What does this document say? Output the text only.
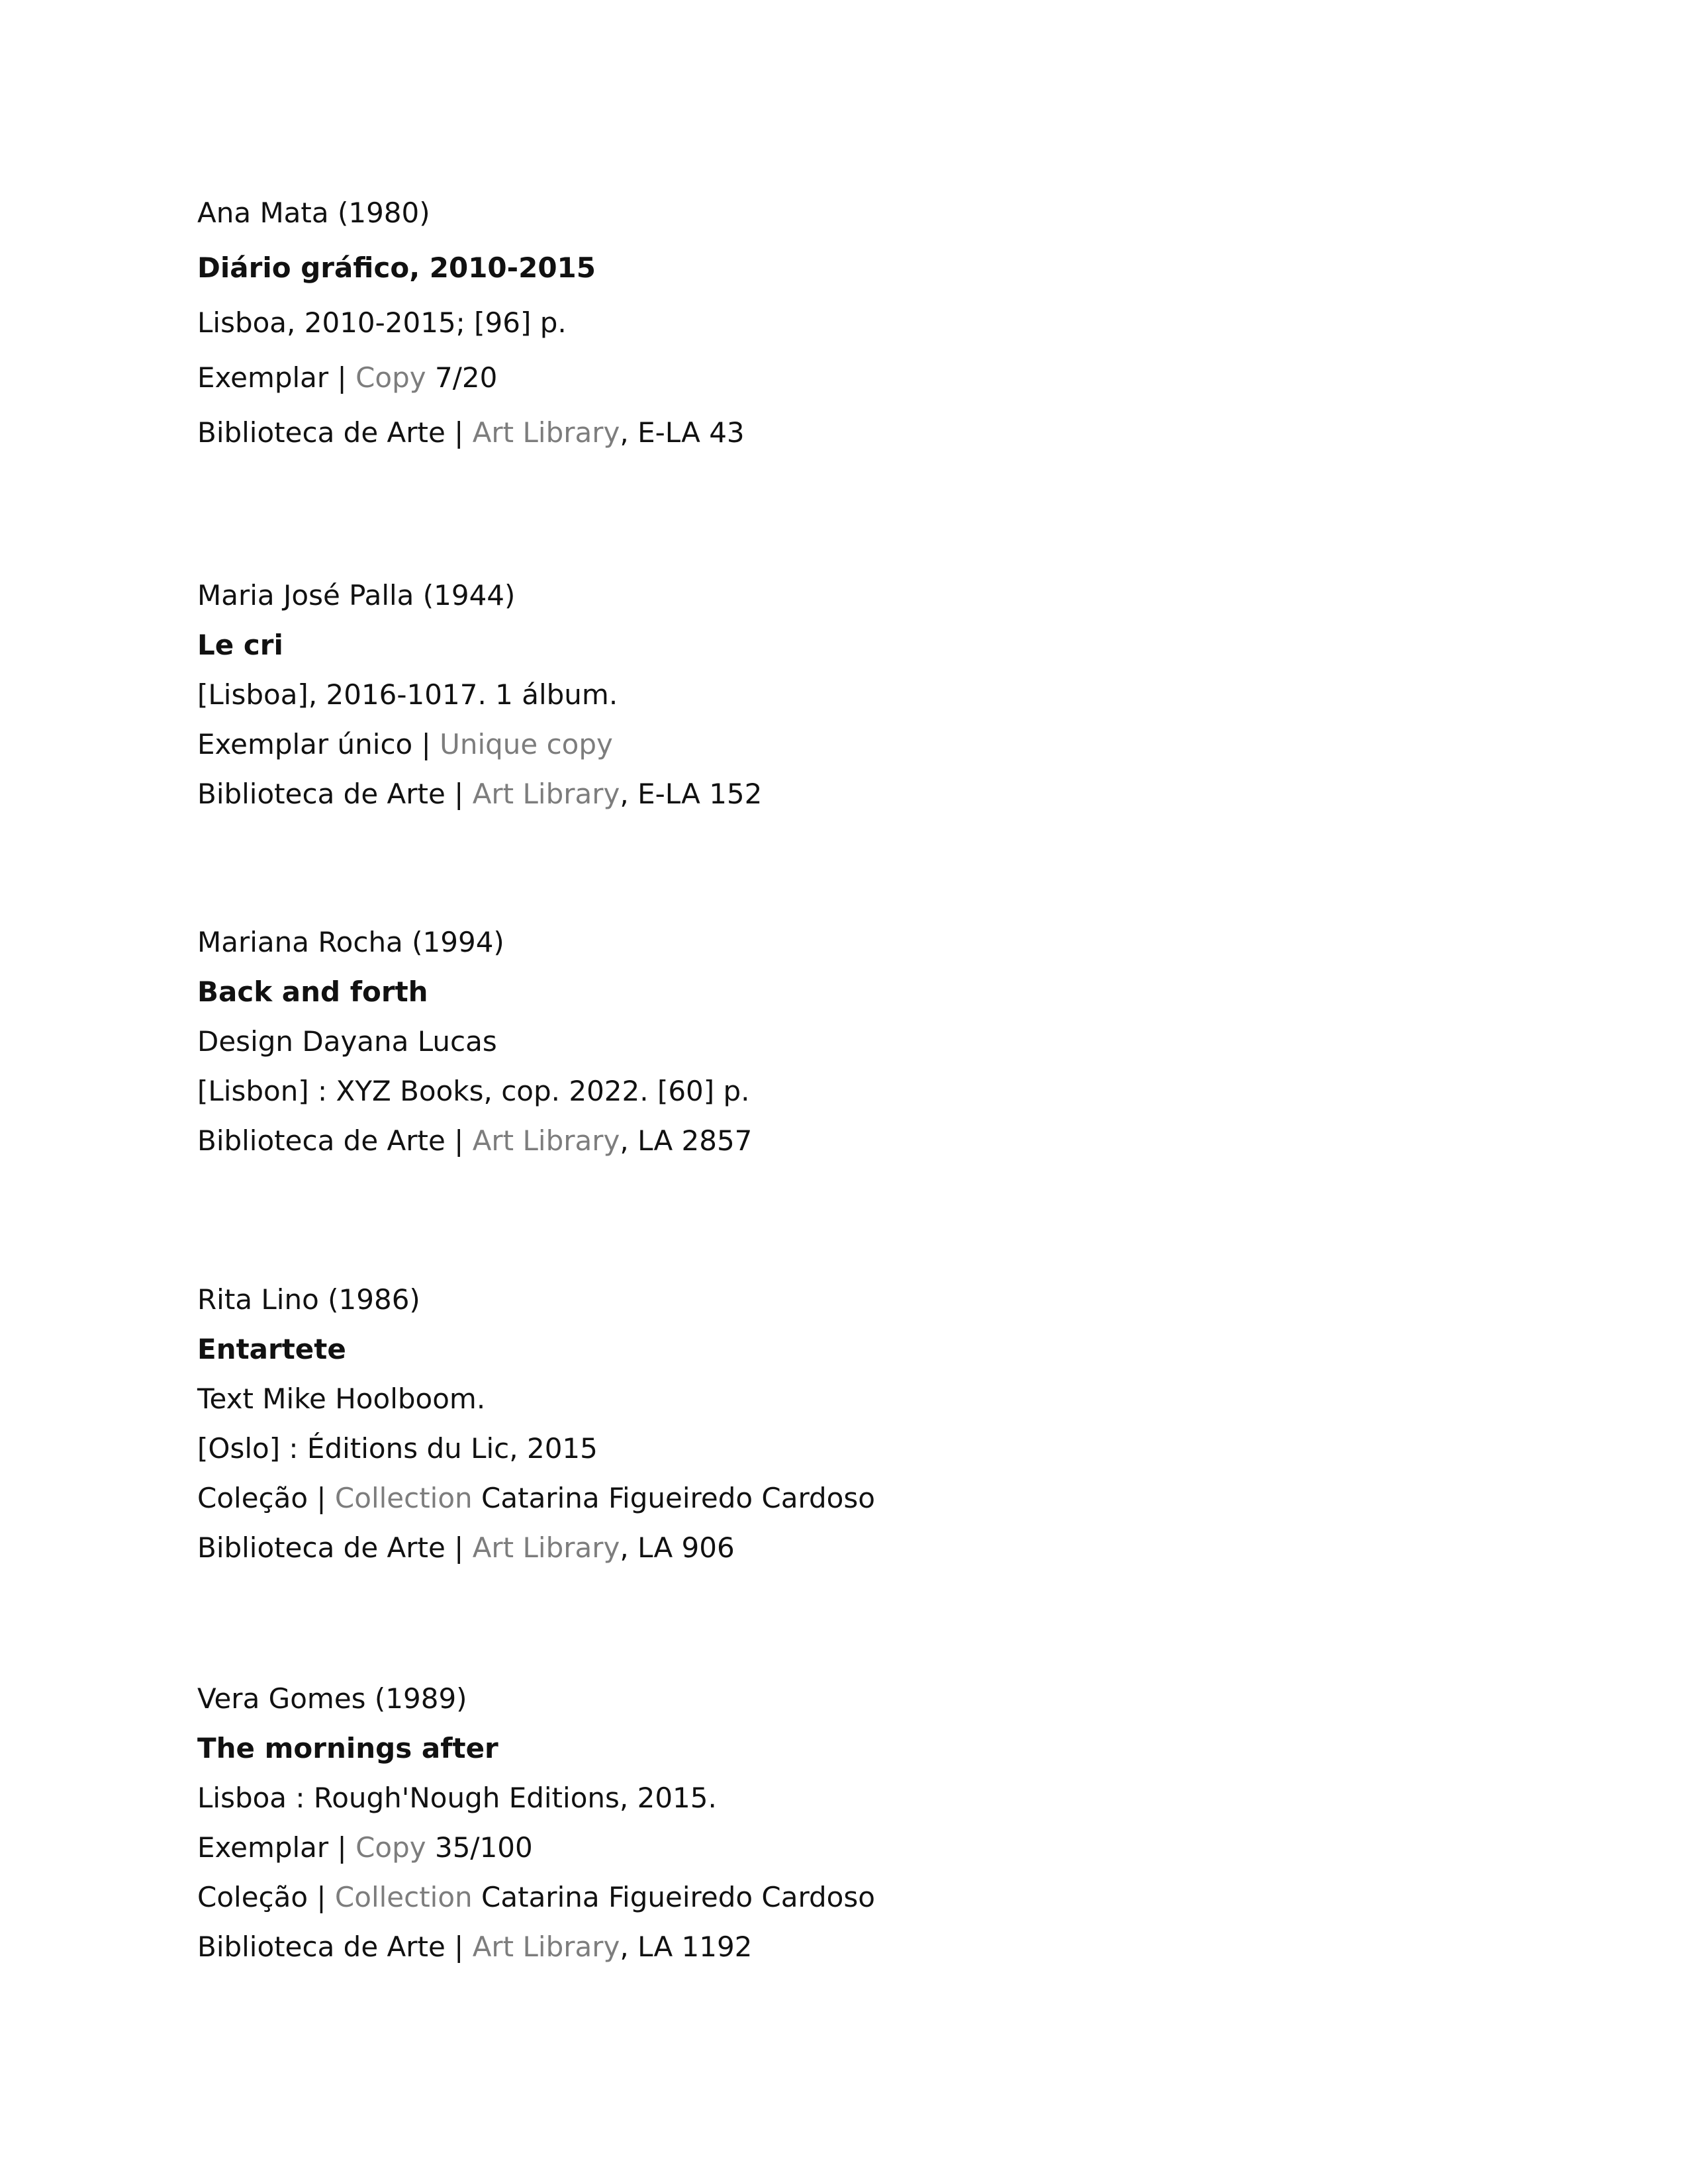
Ana Mata (1980)
Diário gráfico, 2010-2015
Lisboa, 2010-2015; [96] p.
Exemplar | Copy 7/20
Biblioteca de Arte | Art Library, E-LA 43
Maria José Palla (1944)
Le cri
[Lisboa], 2016-1017. 1 álbum.
Exemplar único | Unique copy
Biblioteca de Arte | Art Library, E-LA 152
Mariana Rocha (1994)
Back and forth
Design Dayana Lucas
[Lisbon] : XYZ Books, cop. 2022. [60] p.
Biblioteca de Arte | Art Library, LA 2857
Rita Lino (1986)
Entartete
Text Mike Hoolboom.
[Oslo] : Éditions du Lic, 2015
Coleção | Collection Catarina Figueiredo Cardoso
Biblioteca de Arte | Art Library, LA 906
Vera Gomes (1989)
The mornings after
Lisboa : Rough'Nough Editions, 2015.
Exemplar | Copy 35/100
Coleção | Collection Catarina Figueiredo Cardoso
Biblioteca de Arte | Art Library, LA 1192
